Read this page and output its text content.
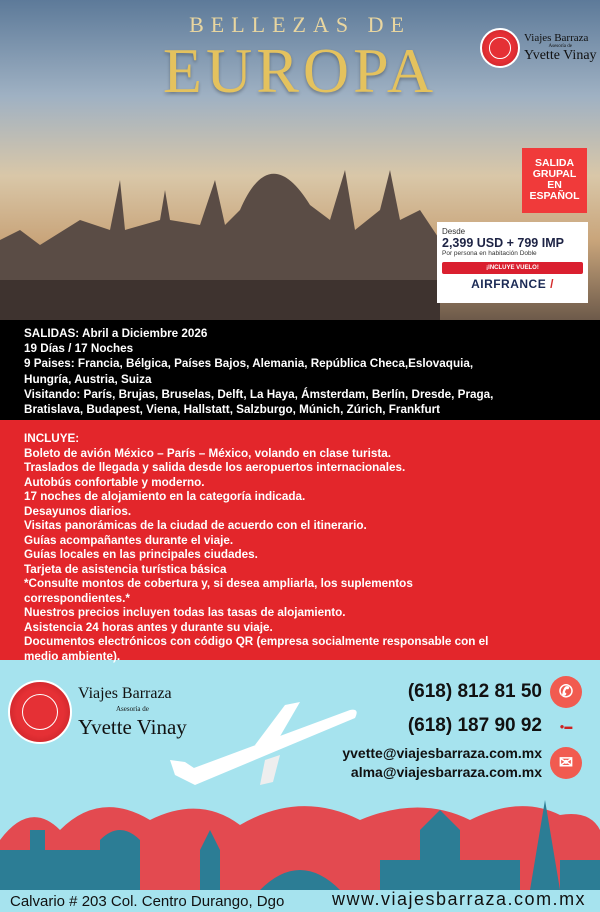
BELLEZAS DE
EUROPA	Viajes Barraza
Asesoría de
Yvette Vinay
SALIDA
GRUPAL
EN
ESPAÑOL
Desde
2,399 USD + 799 IMP
Por persona en habitación Doble
¡INCLUYE VUELO!
AIRFRANCE /
SALIDAS: Abril a Diciembre 2026
19 Días / 17 Noches
9 Paises: Francia, Bélgica, Países Bajos, Alemania, República Checa,Eslovaquia,
Hungría, Austria, Suiza
Visitando: París, Brujas, Bruselas, Delft, La Haya, Ámsterdam, Berlín, Dresde, Praga,
Bratislava, Budapest, Viena, Hallstatt, Salzburgo, Múnich, Zúrich, Frankfurt
INCLUYE:
Boleto de avión México – París – México, volando en clase turista.
Traslados de llegada y salida desde los aeropuertos internacionales.
Autobús confortable y moderno.
17 noches de alojamiento en la categoría indicada.
Desayunos diarios.
Visitas panorámicas de la ciudad de acuerdo con el itinerario.
Guías acompañantes durante el viaje.
Guías locales en las principales ciudades.
Tarjeta de asistencia turística básica
*Consulte montos de cobertura y, si desea ampliarla, los suplementos
correspondientes.*
Nuestros precios incluyen todas las tasas de alojamiento.
Asistencia 24 horas antes y durante su viaje.
Documentos electrónicos con código QR (empresa socialmente responsable con el
medio ambiente).
Viajes Barraza
Asesoría de
Yvette Vinay
(618) 812 81 50 ✆
(618) 187 90 92	●▬
yvette@viajesbarraza.com.mx
alma@viajesbarraza.com.mx ✉
Calvario # 203 Col. Centro Durango, Dgo	www.viajesbarraza.com.mx
